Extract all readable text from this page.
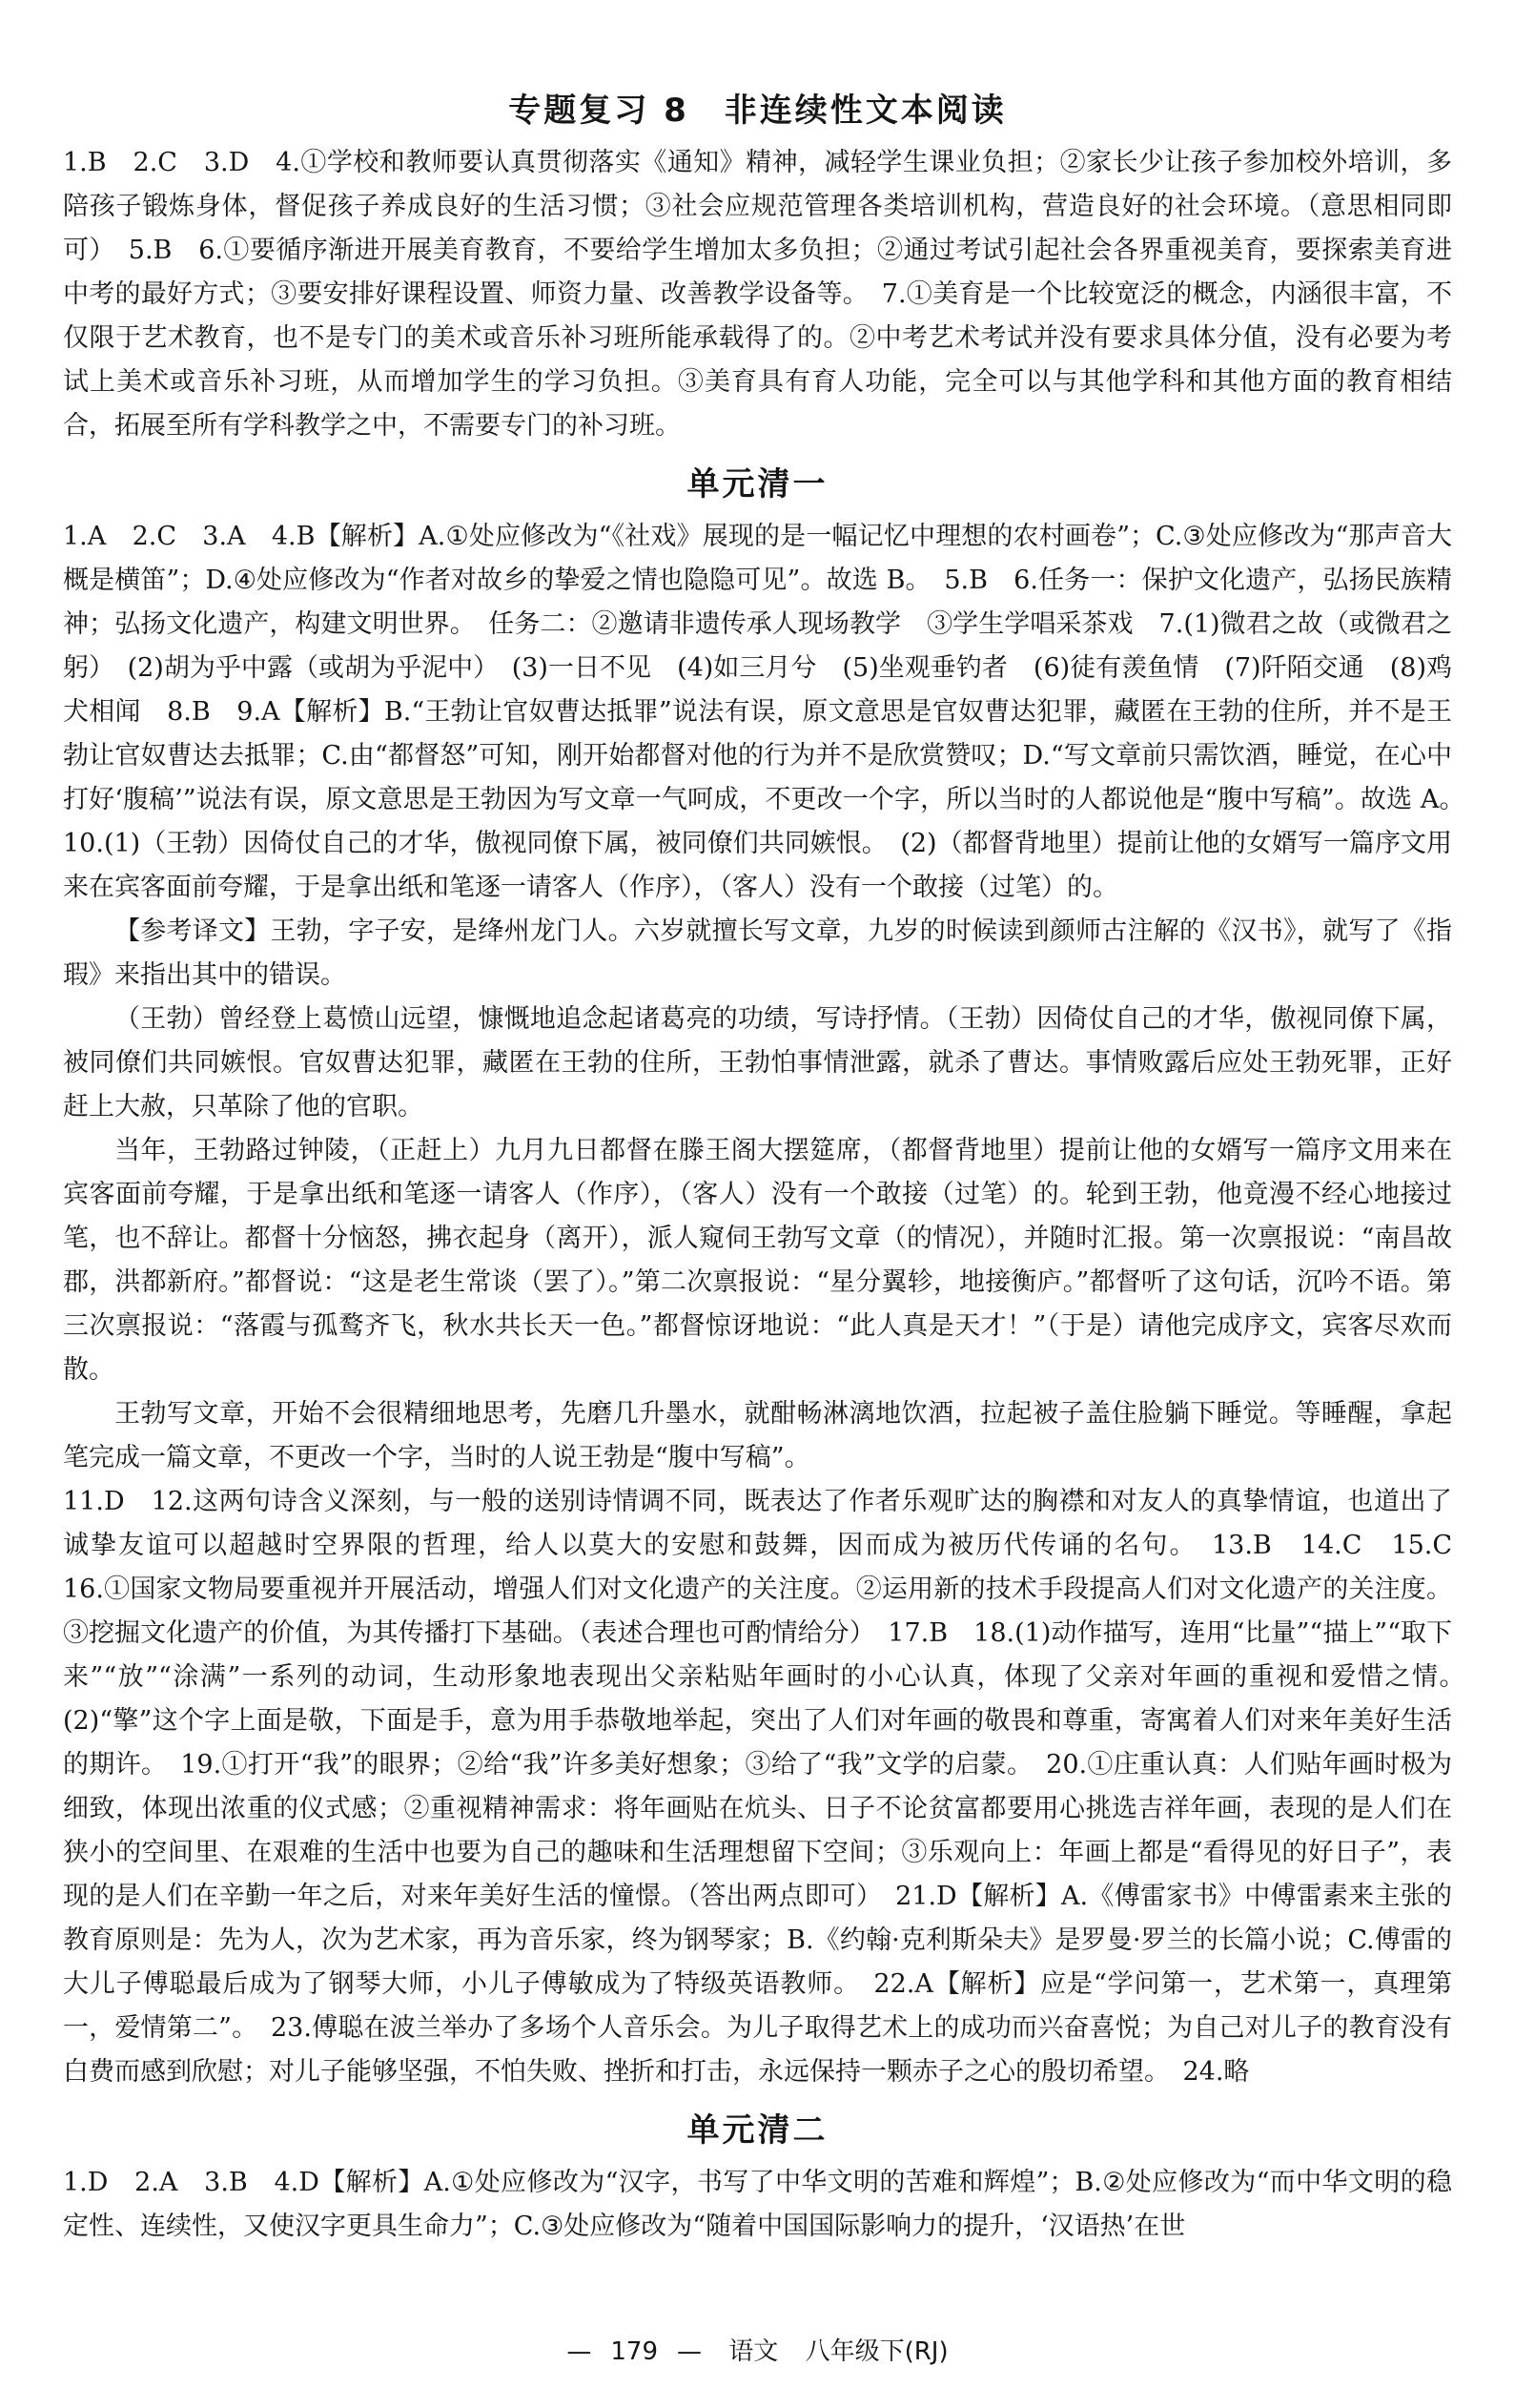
专题复习 8　非连续性文本阅读

1.B　2.C　3.D　4.①学校和教师要认真贯彻落实《通知》精神，减轻学生课业负担；②家长少让孩子参加校外培训，多陪孩子锻炼身体，督促孩子养成良好的生活习惯；③社会应规范管理各类培训机构，营造良好的社会环境。（意思相同即可）　5.B　6.①要循序渐进开展美育教育，不要给学生增加太多负担；②通过考试引起社会各界重视美育，要探索美育进中考的最好方式；③要安排好课程设置、师资力量、改善教学设备等。　7.①美育是一个比较宽泛的概念，内涵很丰富，不仅限于艺术教育，也不是专门的美术或音乐补习班所能承载得了的。②中考艺术考试并没有要求具体分值，没有必要为考试上美术或音乐补习班，从而增加学生的学习负担。③美育具有育人功能，完全可以与其他学科和其他方面的教育相结合，拓展至所有学科教学之中，不需要专门的补习班。

单元清一

1.A　2.C　3.A　4.B【解析】A.①处应修改为“《社戏》展现的是一幅记忆中理想的农村画卷”；C.③处应修改为“那声音大概是横笛”；D.④处应修改为“作者对故乡的挚爱之情也隐隐可见”。故选 B。　5.B　6.任务一：保护文化遗产，弘扬民族精神；弘扬文化遗产，构建文明世界。　任务二：②邀请非遗传承人现场教学　③学生学唱采茶戏　7.(1)微君之故（或微君之躬）　(2)胡为乎中露（或胡为乎泥中）　(3)一日不见　(4)如三月兮　(5)坐观垂钓者　(6)徒有羡鱼情　(7)阡陌交通　(8)鸡犬相闻　8.B　9.A【解析】B.“王勃让官奴曹达抵罪”说法有误，原文意思是官奴曹达犯罪，藏匿在王勃的住所，并不是王勃让官奴曹达去抵罪；C.由“都督怒”可知，刚开始都督对他的行为并不是欣赏赞叹；D.“写文章前只需饮酒，睡觉，在心中打好‘腹稿’”说法有误，原文意思是王勃因为写文章一气呵成，不更改一个字，所以当时的人都说他是“腹中写稿”。故选 A。　10.(1)（王勃）因倚仗自己的才华，傲视同僚下属，被同僚们共同嫉恨。　(2)（都督背地里）提前让他的女婿写一篇序文用来在宾客面前夸耀，于是拿出纸和笔逐一请客人（作序），（客人）没有一个敢接（过笔）的。

【参考译文】王勃，字子安，是绛州龙门人。六岁就擅长写文章，九岁的时候读到颜师古注解的《汉书》，就写了《指瑕》来指出其中的错误。

（王勃）曾经登上葛愤山远望，慷慨地追念起诸葛亮的功绩，写诗抒情。（王勃）因倚仗自己的才华，傲视同僚下属，被同僚们共同嫉恨。官奴曹达犯罪，藏匿在王勃的住所，王勃怕事情泄露，就杀了曹达。事情败露后应处王勃死罪，正好赶上大赦，只革除了他的官职。

当年，王勃路过钟陵，（正赶上）九月九日都督在滕王阁大摆筵席，（都督背地里）提前让他的女婿写一篇序文用来在宾客面前夸耀，于是拿出纸和笔逐一请客人（作序），（客人）没有一个敢接（过笔）的。轮到王勃，他竟漫不经心地接过笔，也不辞让。都督十分恼怒，拂衣起身（离开），派人窥伺王勃写文章（的情况），并随时汇报。第一次禀报说：“南昌故郡，洪都新府。”都督说：“这是老生常谈（罢了）。”第二次禀报说：“星分翼轸，地接衡庐。”都督听了这句话，沉吟不语。第三次禀报说：“落霞与孤鹜齐飞，秋水共长天一色。”都督惊讶地说：“此人真是天才！”（于是）请他完成序文，宾客尽欢而散。

王勃写文章，开始不会很精细地思考，先磨几升墨水，就酣畅淋漓地饮酒，拉起被子盖住脸躺下睡觉。等睡醒，拿起笔完成一篇文章，不更改一个字，当时的人说王勃是“腹中写稿”。

11.D　12.这两句诗含义深刻，与一般的送别诗情调不同，既表达了作者乐观旷达的胸襟和对友人的真挚情谊，也道出了诚挚友谊可以超越时空界限的哲理，给人以莫大的安慰和鼓舞，因而成为被历代传诵的名句。　13.B　14.C　15.C　16.①国家文物局要重视并开展活动，增强人们对文化遗产的关注度。②运用新的技术手段提高人们对文化遗产的关注度。③挖掘文化遗产的价值，为其传播打下基础。（表述合理也可酌情给分）　17.B　18.(1)动作描写，连用“比量”“描上”“取下来”“放”“涂满”一系列的动词，生动形象地表现出父亲粘贴年画时的小心认真，体现了父亲对年画的重视和爱惜之情。　(2)“擎”这个字上面是敬，下面是手，意为用手恭敬地举起，突出了人们对年画的敬畏和尊重，寄寓着人们对来年美好生活的期许。　19.①打开“我”的眼界；②给“我”许多美好想象；③给了“我”文学的启蒙。　20.①庄重认真：人们贴年画时极为细致，体现出浓重的仪式感；②重视精神需求：将年画贴在炕头、日子不论贫富都要用心挑选吉祥年画，表现的是人们在狭小的空间里、在艰难的生活中也要为自己的趣味和生活理想留下空间；③乐观向上：年画上都是“看得见的好日子”，表现的是人们在辛勤一年之后，对来年美好生活的憧憬。（答出两点即可）　21.D【解析】A.《傅雷家书》中傅雷素来主张的教育原则是：先为人，次为艺术家，再为音乐家，终为钢琴家；B.《约翰·克利斯朵夫》是罗曼·罗兰的长篇小说；C.傅雷的大儿子傅聪最后成为了钢琴大师，小儿子傅敏成为了特级英语教师。　22.A【解析】应是“学问第一，艺术第一，真理第一，爱情第二”。　23.傅聪在波兰举办了多场个人音乐会。为儿子取得艺术上的成功而兴奋喜悦；为自己对儿子的教育没有白费而感到欣慰；对儿子能够坚强，不怕失败、挫折和打击，永远保持一颗赤子之心的殷切希望。　24.略

单元清二

1.D　2.A　3.B　4.D【解析】A.①处应修改为“汉字，书写了中华文明的苦难和辉煌”；B.②处应修改为“而中华文明的稳定性、连续性，又使汉字更具生命力”；C.③处应修改为“随着中国国际影响力的提升，‘汉语热’在世

— 179 — 语文 八年级下(RJ)
